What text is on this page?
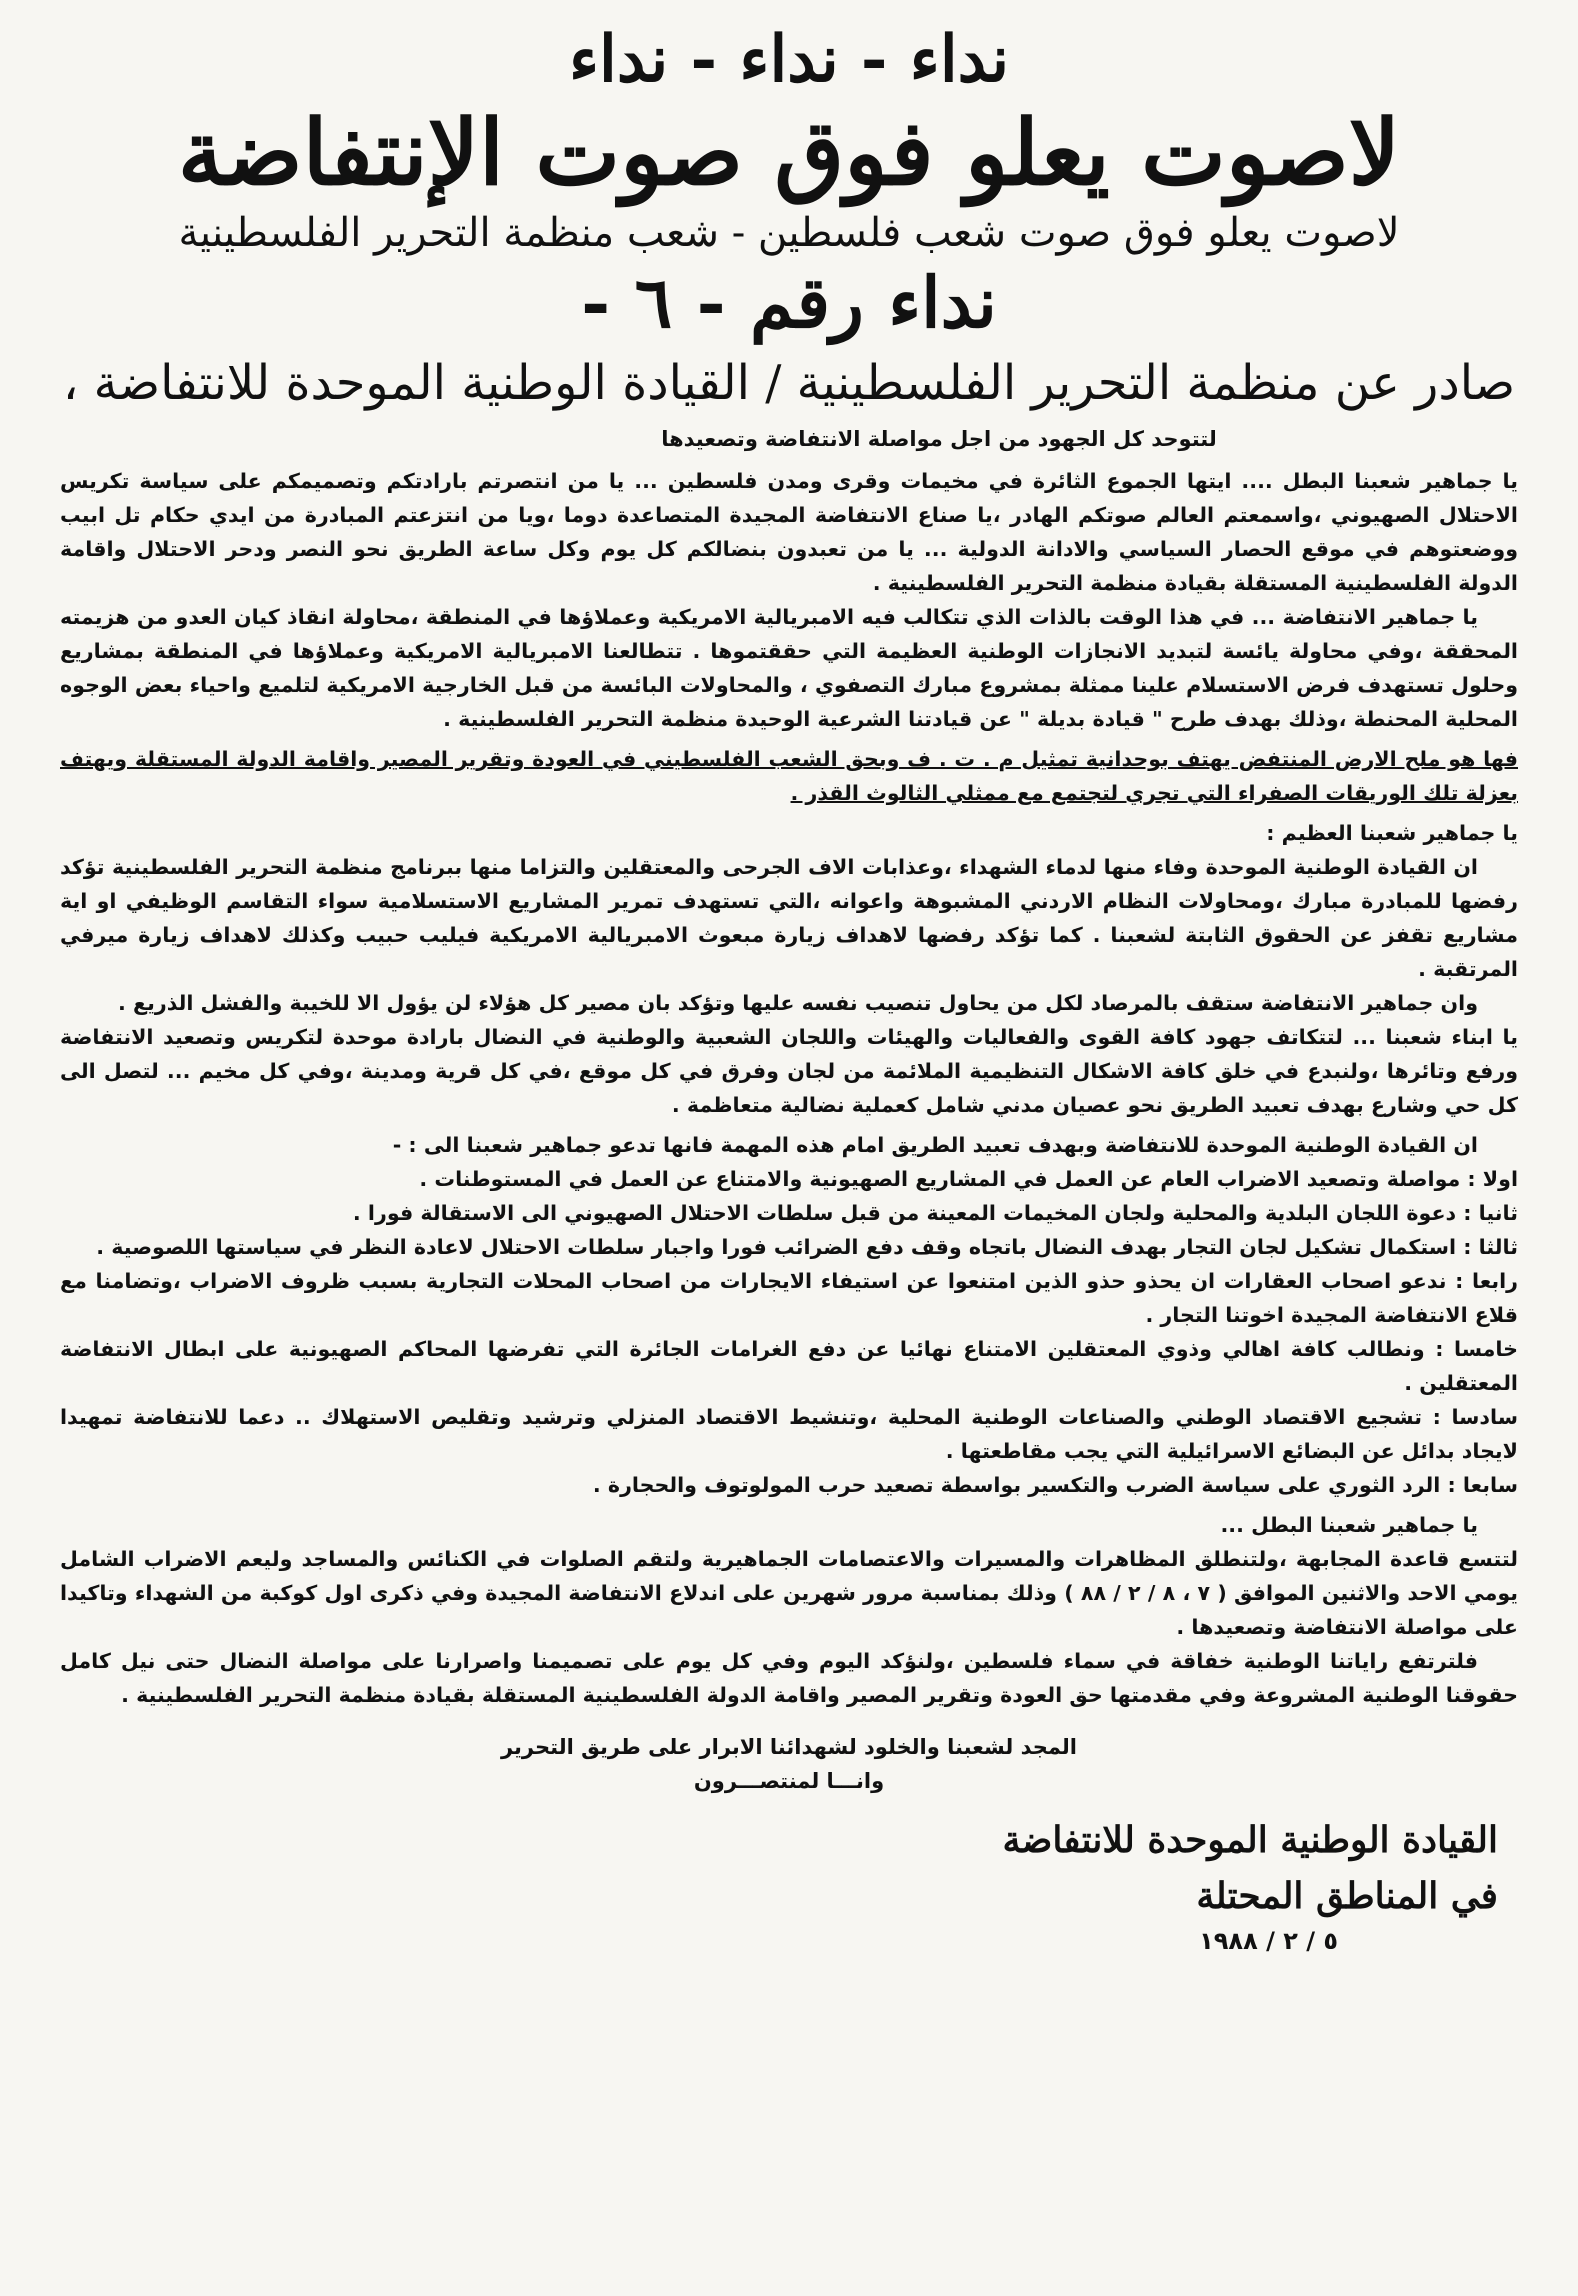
نداء - نداء - نداء
لاصوت يعلو فوق صوت الإنتفاضة
لاصوت يعلو فوق صوت شعب فلسطين - شعب منظمة التحرير الفلسطينية
نداء رقم - ٦ -
صادر عن منظمة التحرير الفلسطينية / القيادة الوطنية الموحدة للانتفاضة ،
لتتوحد كل الجهود من اجل مواصلة الانتفاضة وتصعيدها

يا جماهير شعبنا البطل .... ايتها الجموع الثائرة في مخيمات وقرى ومدن فلسطين ... يا من انتصرتم بارادتكم وتصميمكم على سياسة تكريس الاحتلال الصهيوني ،واسمعتم العالم صوتكم الهادر ،يا صناع الانتفاضة المجيدة المتصاعدة دوما ،ويا من انتزعتم المبادرة من ايدي حكام تل ابيب ووضعتوهم في موقع الحصار السياسي والادانة الدولية ... يا من تعبدون بنضالكم كل يوم وكل ساعة الطريق نحو النصر ودحر الاحتلال واقامة الدولة الفلسطينية المستقلة بقيادة منظمة التحرير الفلسطينية .

يا جماهير الانتفاضة ... في هذا الوقت بالذات الذي تتكالب فيه الامبريالية الامريكية وعملاؤها في المنطقة ،محاولة انقاذ كيان العدو من هزيمته المحققة ،وفي محاولة يائسة لتبديد الانجازات الوطنية العظيمة التي حققتموها . تتطالعنا الامبريالية الامريكية وعملاؤها في المنطقة بمشاريع وحلول تستهدف فرض الاستسلام علينا ممثلة بمشروع مبارك التصفوي ، والمحاولات البائسة من قبل الخارجية الامريكية لتلميع واحياء بعض الوجوه المحلية المحنطة ،وذلك بهدف طرح " قيادة بديلة " عن قيادتنا الشرعية الوحيدة منظمة التحرير الفلسطينية .

فها هو ملح الارض المنتفض يهتف بوحدانية تمثيل م . ت . ف وبحق الشعب الفلسطيني في العودة وتقرير المصير واقامة الدولة المستقلة ويهتف بعزلة تلك الوريقات الصفراء التي تجري لتجتمع مع ممثلي الثالوث القذر .

يا جماهير شعبنا العظيم :

ان القيادة الوطنية الموحدة وفاء منها لدماء الشهداء ،وعذابات الاف الجرحى والمعتقلين والتزاما منها ببرنامج منظمة التحرير الفلسطينية تؤكد رفضها للمبادرة مبارك ،ومحاولات النظام الاردني المشبوهة واعوانه ،التي تستهدف تمرير المشاريع الاستسلامية سواء التقاسم الوظيفي او اية مشاريع تقفز عن الحقوق الثابتة لشعبنا . كما تؤكد رفضها لاهداف زيارة مبعوث الامبريالية الامريكية فيليب حبيب وكذلك لاهداف زيارة ميرفي المرتقبة .

وان جماهير الانتفاضة ستقف بالمرصاد لكل من يحاول تنصيب نفسه عليها وتؤكد بان مصير كل هؤلاء لن يؤول الا للخيبة والفشل الذريع .

يا ابناء شعبنا ... لتتكاتف جهود كافة القوى والفعاليات والهيئات واللجان الشعبية والوطنية في النضال بارادة موحدة لتكريس وتصعيد الانتفاضة ورفع وتائرها ،ولنبدع في خلق كافة الاشكال التنظيمية الملائمة من لجان وفرق في كل موقع ،في كل قرية ومدينة ،وفي كل مخيم ... لتصل الى كل حي وشارع بهدف تعبيد الطريق نحو عصيان مدني شامل كعملية نضالية متعاظمة .

ان القيادة الوطنية الموحدة للانتفاضة وبهدف تعبيد الطريق امام هذه المهمة فانها تدعو جماهير شعبنا الى : -

اولا : مواصلة وتصعيد الاضراب العام عن العمل في المشاريع الصهيونية والامتناع عن العمل في المستوطنات .

ثانيا : دعوة اللجان البلدية والمحلية ولجان المخيمات المعينة من قبل سلطات الاحتلال الصهيوني الى الاستقالة فورا .

ثالثا : استكمال تشكيل لجان التجار بهدف النضال باتجاه وقف دفع الضرائب فورا واجبار سلطات الاحتلال لاعادة النظر في سياستها اللصوصية .

رابعا : ندعو اصحاب العقارات ان يحذو حذو الذين امتنعوا عن استيفاء الايجارات من اصحاب المحلات التجارية بسبب ظروف الاضراب ،وتضامنا مع قلاع الانتفاضة المجيدة اخوتنا التجار .

خامسا : ونطالب كافة اهالي وذوي المعتقلين الامتناع نهائيا عن دفع الغرامات الجائرة التي تفرضها المحاكم الصهيونية على ابطال الانتفاضة المعتقلين .

سادسا : تشجيع الاقتصاد الوطني والصناعات الوطنية المحلية ،وتنشيط الاقتصاد المنزلي وترشيد وتقليص الاستهلاك .. دعما للانتفاضة تمهيدا لايجاد بدائل عن البضائع الاسرائيلية التي يجب مقاطعتها .

سابعا : الرد الثوري على سياسة الضرب والتكسير بواسطة تصعيد حرب المولوتوف والحجارة .

يا جماهير شعبنا البطل ...

لتتسع قاعدة المجابهة ،ولتنطلق المظاهرات والمسيرات والاعتصامات الجماهيرية ولتقم الصلوات في الكنائس والمساجد وليعم الاضراب الشامل يومي الاحد والاثنين الموافق ( ٧ ، ٨ / ٢ / ٨٨ ) وذلك بمناسبة مرور شهرين على اندلاع الانتفاضة المجيدة وفي ذكرى اول كوكبة من الشهداء وتاكيدا على مواصلة الانتفاضة وتصعيدها .

فلترتفع راياتنا الوطنية خفاقة في سماء فلسطين ،ولنؤكد اليوم وفي كل يوم على تصميمنا واصرارنا على مواصلة النضال حتى نيل كامل حقوقنا الوطنية المشروعة وفي مقدمتها حق العودة وتقرير المصير واقامة الدولة الفلسطينية المستقلة بقيادة منظمة التحرير الفلسطينية .

المجد لشعبنا والخلود لشهدائنا الابرار على طريق التحرير
وانـــا لمنتصـــرون
القيادة الوطنية الموحدة للانتفاضة
في المناطق المحتلة
٥ / ٢ / ١٩٨٨
